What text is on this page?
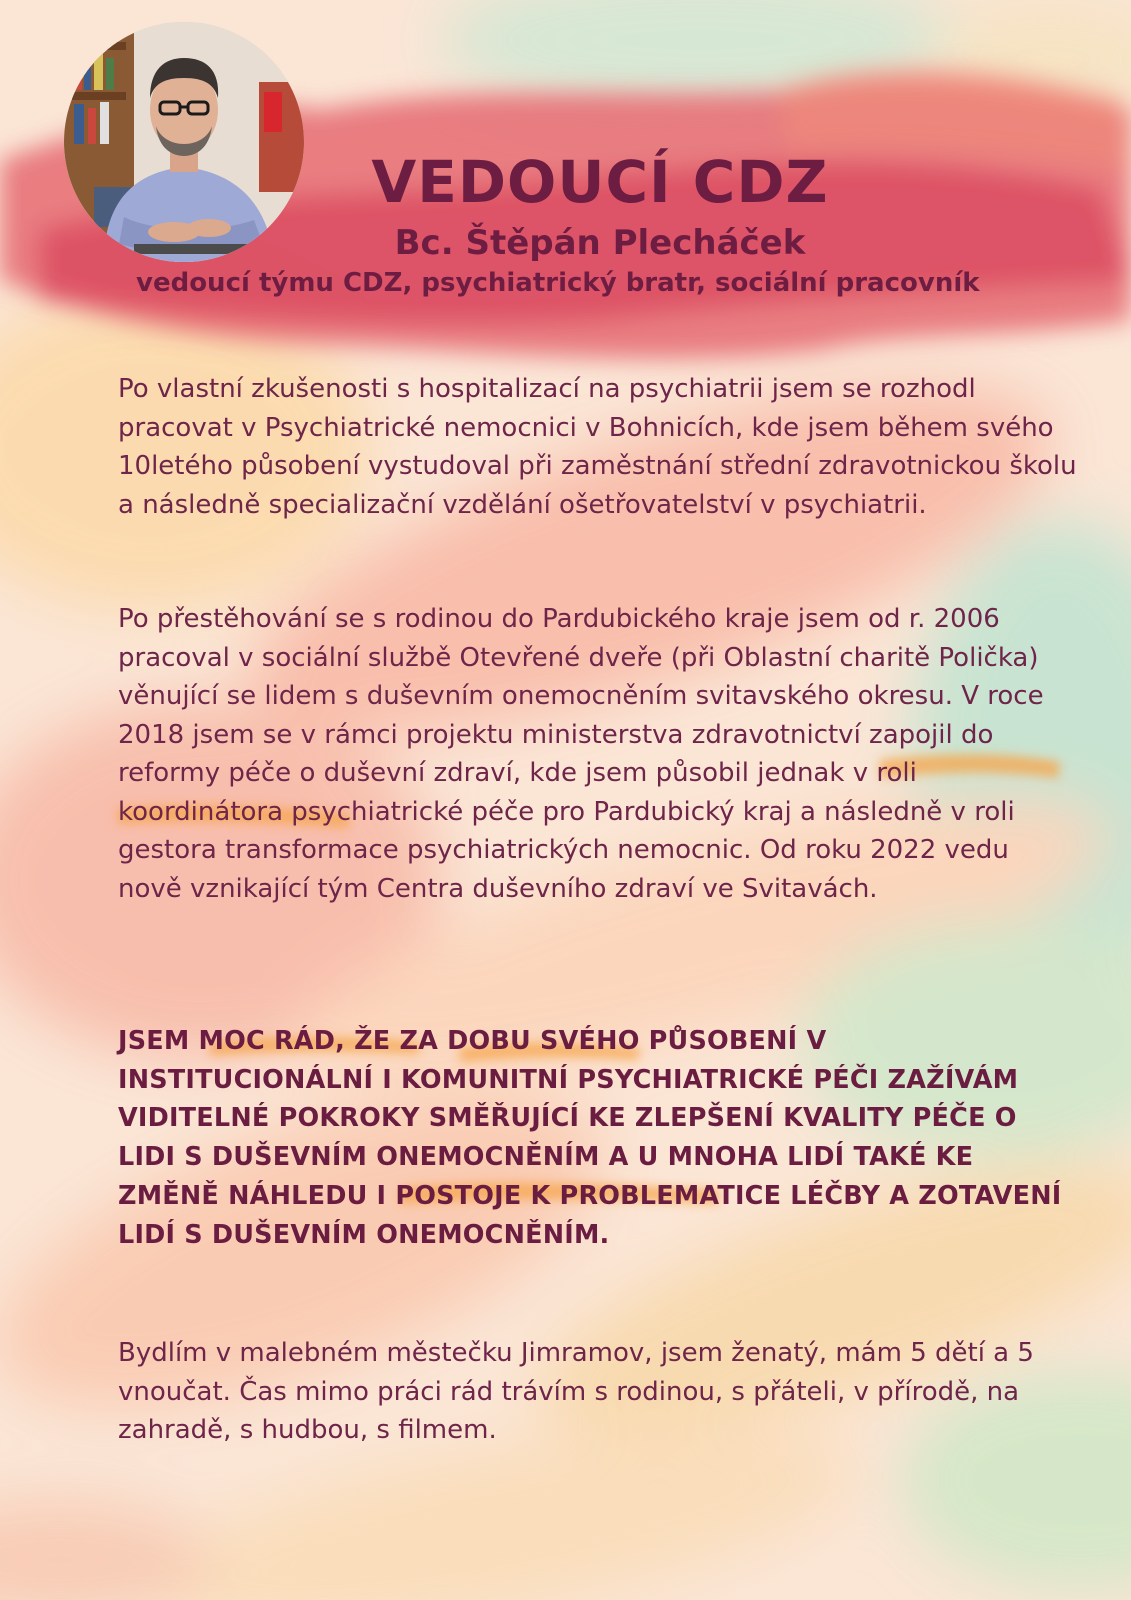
VEDOUCÍ CDZ
Bc. Štěpán Plecháček

vedoucí týmu CDZ, psychiatrický bratr, sociální pracovník

Po vlastní zkušenosti s hospitalizací na psychiatrii jsem se rozhodl pracovat v Psychiatrické nemocnici v Bohnicích, kde jsem během svého 10letého působení vystudoval při zaměstnání střední zdravotnickou školu a následně specializační vzdělání ošetřovatelství v psychiatrii.

Po přestěhování se s rodinou do Pardubického kraje jsem od r. 2006 pracoval v sociální službě Otevřené dveře (při Oblastní charitě Polička) věnující se lidem s duševním onemocněním svitavského okresu. V roce 2018 jsem se v rámci projektu ministerstva zdravotnictví zapojil do reformy péče o duševní zdraví, kde jsem působil jednak v roli koordinátora psychiatrické péče pro Pardubický kraj a následně v roli gestora transformace psychiatrických nemocnic. Od roku 2022 vedu nově vznikající tým Centra duševního zdraví ve Svitavách.

JSEM MOC RÁD, ŽE ZA DOBU SVÉHO PŮSOBENÍ V INSTITUCIONÁLNÍ I KOMUNITNÍ PSYCHIATRICKÉ PÉČI ZAŽÍVÁM VIDITELNÉ POKROKY SMĚŘUJÍCÍ KE ZLEPŠENÍ KVALITY PÉČE O LIDI S DUŠEVNÍM ONEMOCNĚNÍM A U MNOHA LIDÍ TAKÉ KE ZMĚNĚ NÁHLEDU I POSTOJE K PROBLEMATICE LÉČBY A ZOTAVENÍ LIDÍ S DUŠEVNÍM ONEMOCNĚNÍM.

Bydlím v malebném městečku Jimramov, jsem ženatý, mám 5 dětí a 5 vnoučat. Čas mimo práci rád trávím s rodinou, s přáteli, v přírodě, na zahradě, s hudbou, s filmem.
